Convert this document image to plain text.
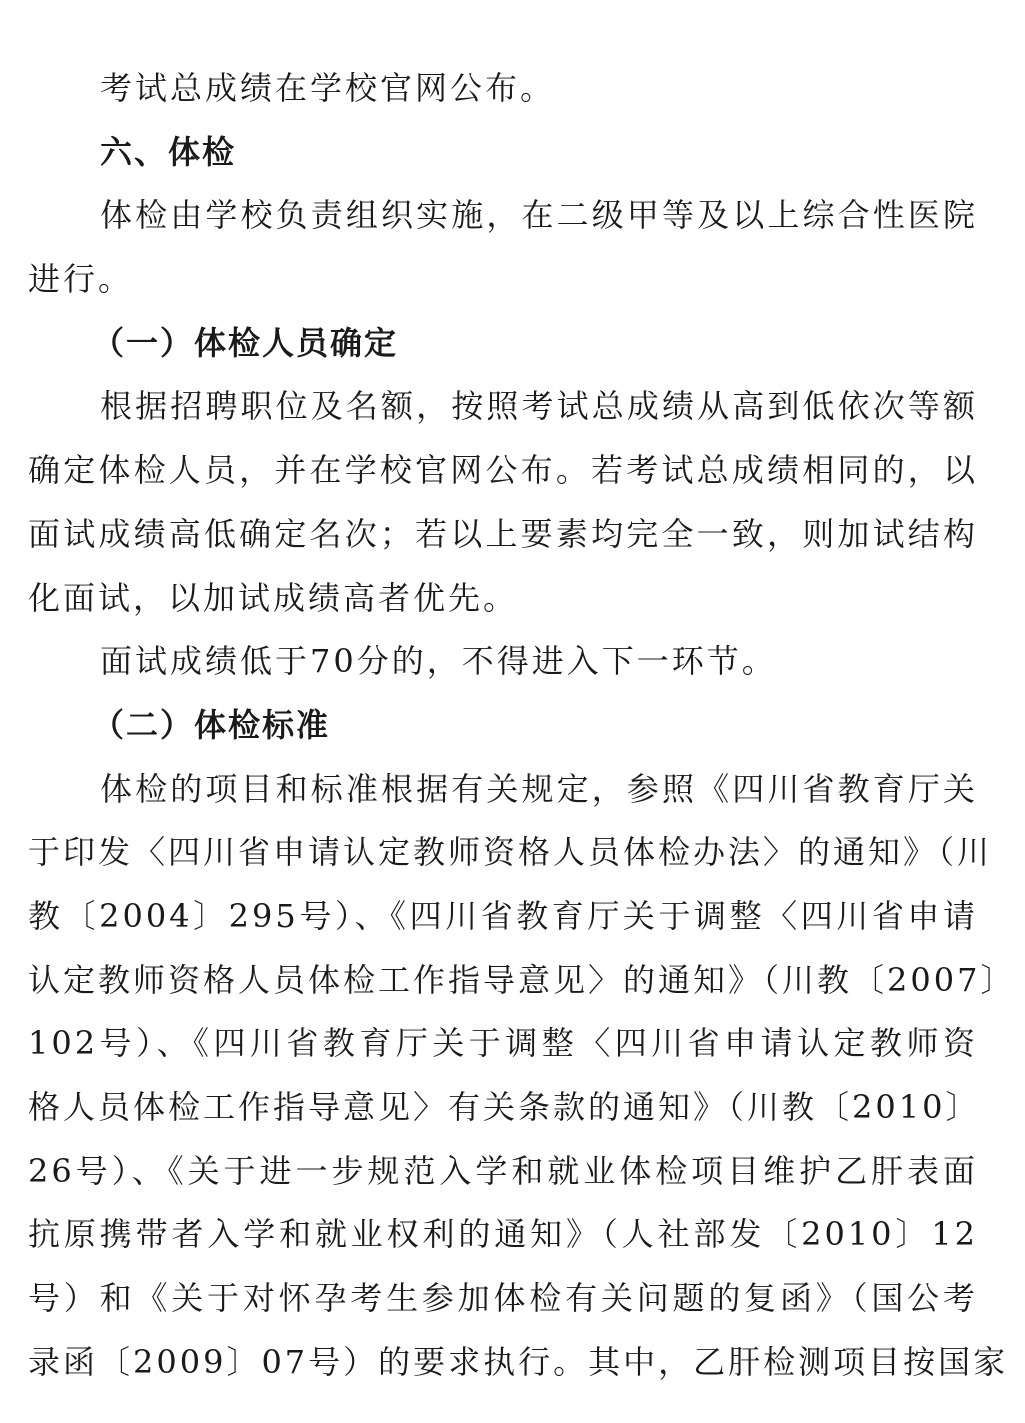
考试总成绩在学校官网公布。
六、体检
体检由学校负责组织实施，在二级甲等及以上综合性医院
进行。
（一）体检人员确定
根据招聘职位及名额，按照考试总成绩从高到低依次等额
确定体检人员，并在学校官网公布。若考试总成绩相同的，以
面试成绩高低确定名次；若以上要素均完全一致，则加试结构
化面试，以加试成绩高者优先。
面试成绩低于70分的，不得进入下一环节。
（二）体检标准
体检的项目和标准根据有关规定，参照《四川省教育厅关
于印发〈四川省申请认定教师资格人员体检办法〉的通知》（川
教〔2004〕295号）、《四川省教育厅关于调整〈四川省申请
认定教师资格人员体检工作指导意见〉的通知》（川教〔2007〕
102号）、《四川省教育厅关于调整〈四川省申请认定教师资
格人员体检工作指导意见〉有关条款的通知》（川教〔2010〕
26号）、《关于进一步规范入学和就业体检项目维护乙肝表面
抗原携带者入学和就业权利的通知》（人社部发〔2010〕12
号）和《关于对怀孕考生参加体检有关问题的复函》（国公考
录函〔2009〕07号）的要求执行。其中，乙肝检测项目按国家
